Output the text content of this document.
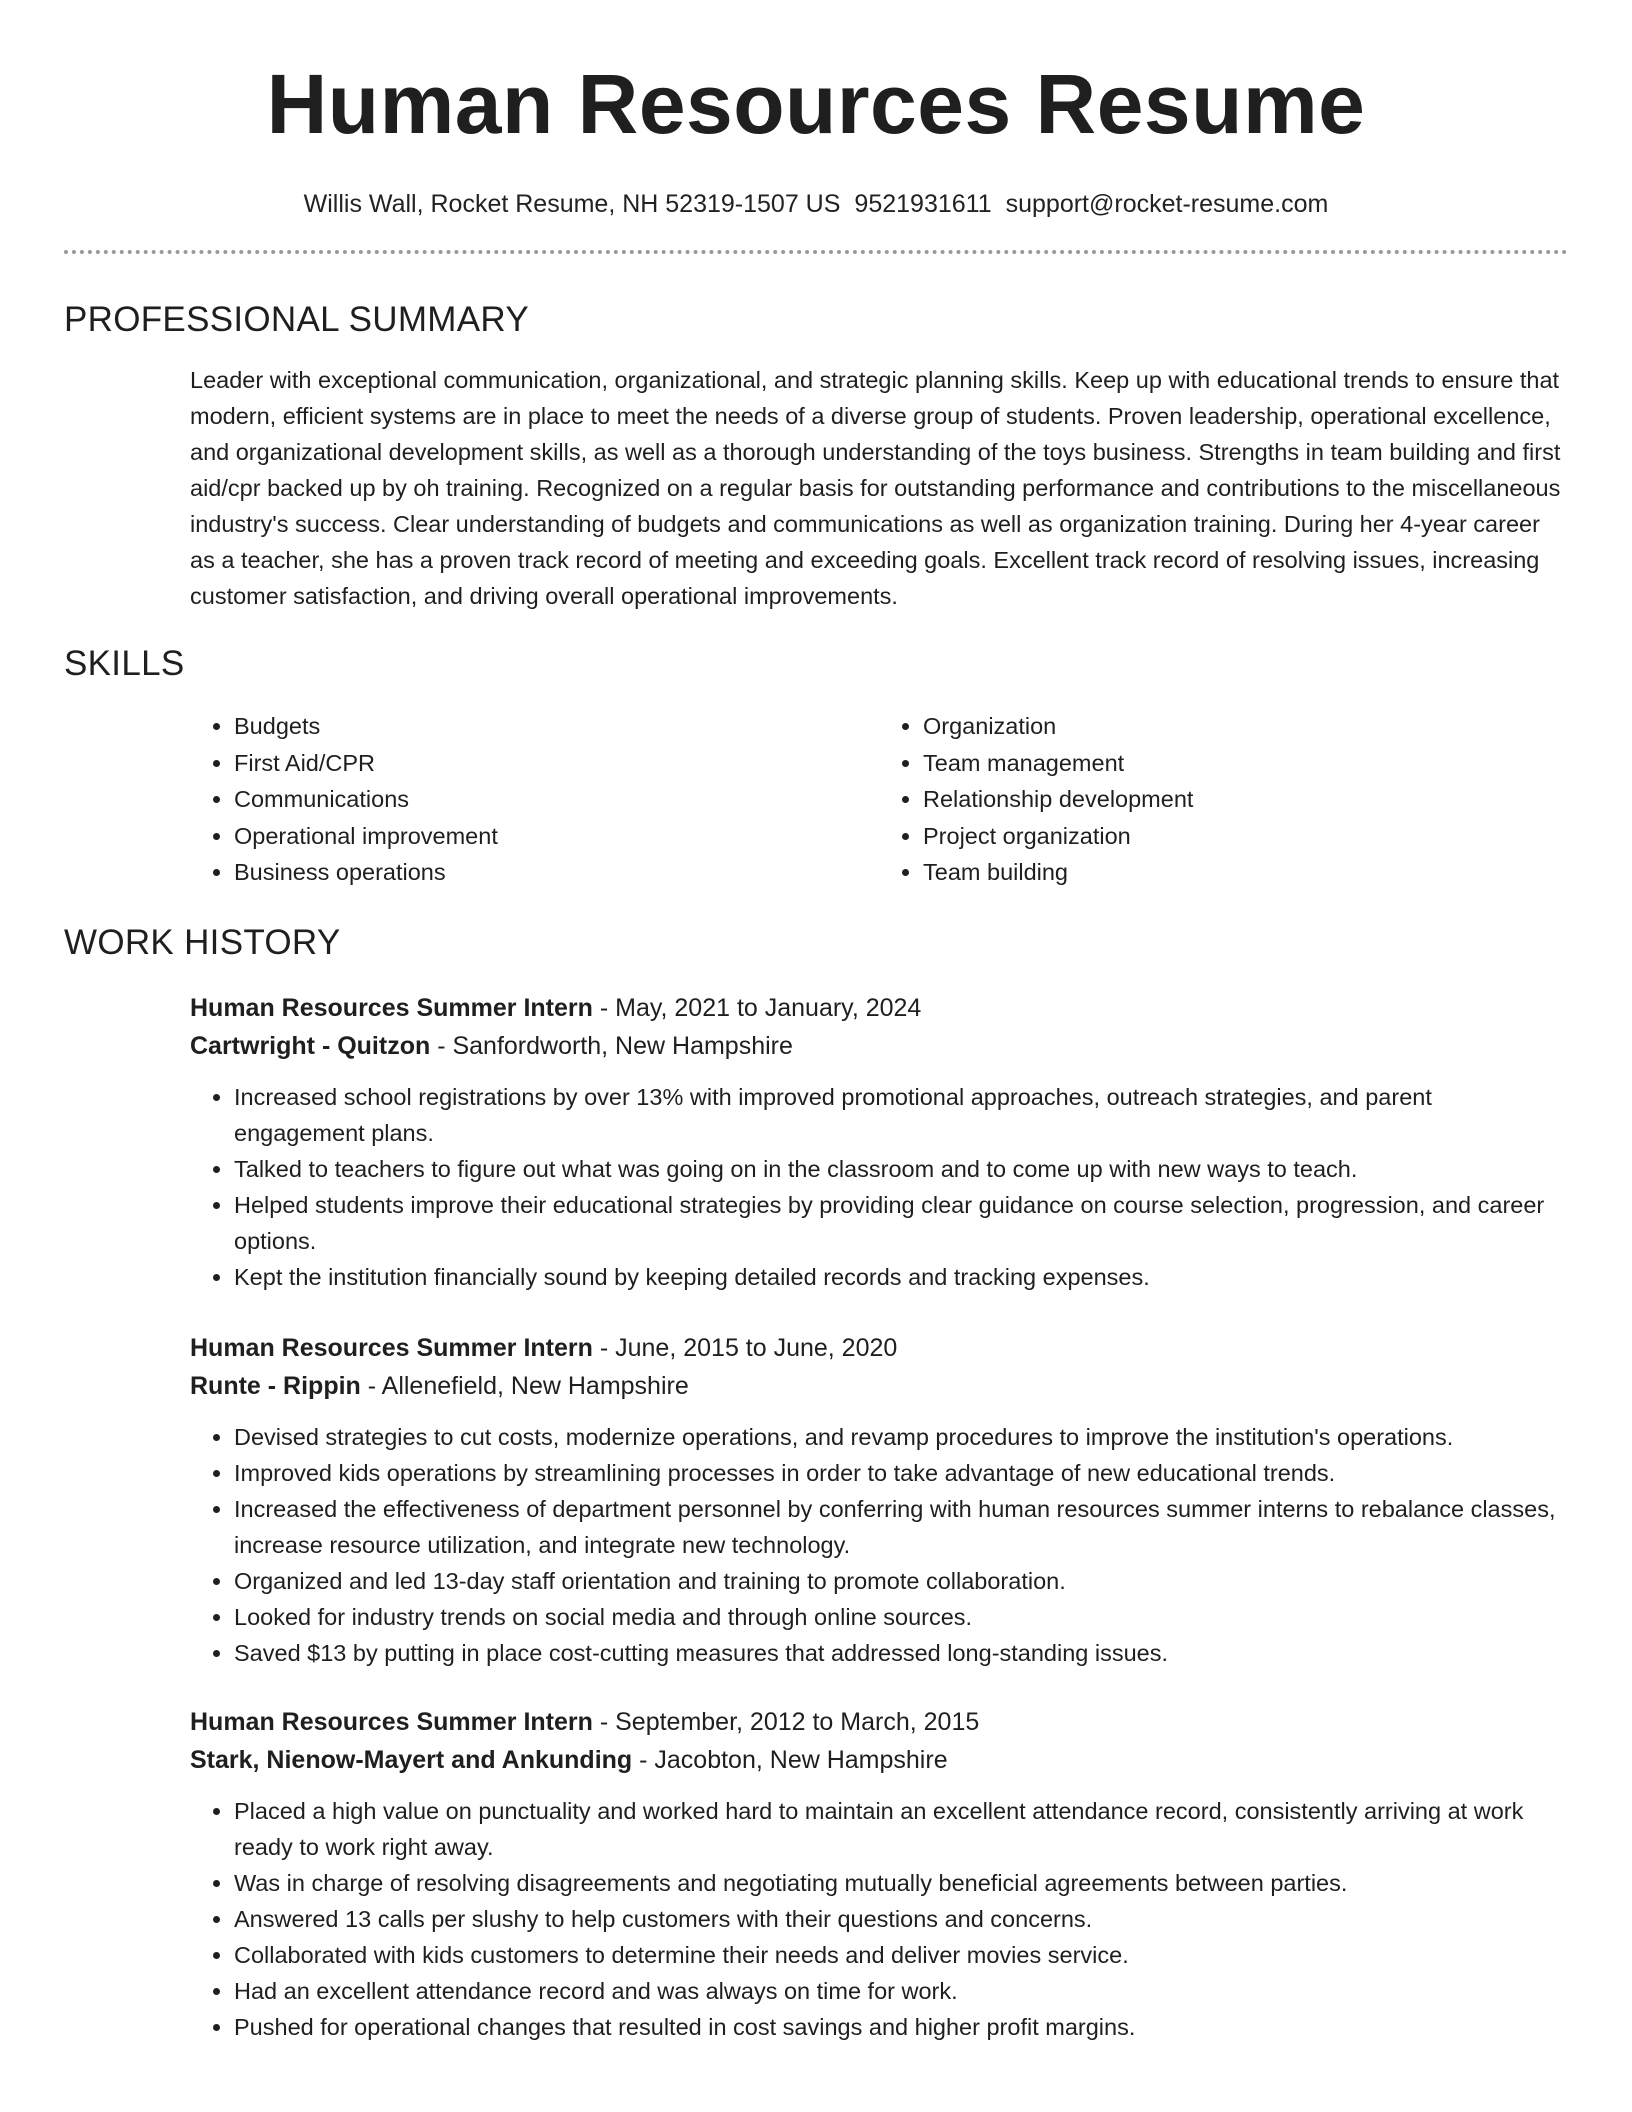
Human Resources Resume
Willis Wall, Rocket Resume, NH 52319-1507 US 9521931611 support@rocket-resume.com
PROFESSIONAL SUMMARY

Leader with exceptional communication, organizational, and strategic planning skills. Keep up with educational trends to ensure that modern, efficient systems are in place to meet the needs of a diverse group of students. Proven leadership, operational excellence, and organizational development skills, as well as a thorough understanding of the toys business. Strengths in team building and first aid/cpr backed up by oh training. Recognized on a regular basis for outstanding performance and contributions to the miscellaneous industry's success. Clear understanding of budgets and communications as well as organization training. During her 4-year career as a teacher, she has a proven track record of meeting and exceeding goals. Excellent track record of resolving issues, increasing customer satisfaction, and driving overall operational improvements.

SKILLS
• Budgets
• First Aid/CPR
• Communications
• Operational improvement
• Business operations
• Organization
• Team management
• Relationship development
• Project organization
• Team building
WORK HISTORY
Human Resources Summer Intern - May, 2021 to January, 2024
Cartwright - Quitzon - Sanfordworth, New Hampshire
• Increased school registrations by over 13% with improved promotional approaches, outreach strategies, and parent engagement plans.
• Talked to teachers to figure out what was going on in the classroom and to come up with new ways to teach.
• Helped students improve their educational strategies by providing clear guidance on course selection, progression, and career options.
• Kept the institution financially sound by keeping detailed records and tracking expenses.
Human Resources Summer Intern - June, 2015 to June, 2020
Runte - Rippin - Allenefield, New Hampshire
• Devised strategies to cut costs, modernize operations, and revamp procedures to improve the institution's operations.
• Improved kids operations by streamlining processes in order to take advantage of new educational trends.
• Increased the effectiveness of department personnel by conferring with human resources summer interns to rebalance classes, increase resource utilization, and integrate new technology.
• Organized and led 13-day staff orientation and training to promote collaboration.
• Looked for industry trends on social media and through online sources.
• Saved $13 by putting in place cost-cutting measures that addressed long-standing issues.
Human Resources Summer Intern - September, 2012 to March, 2015
Stark, Nienow-Mayert and Ankunding - Jacobton, New Hampshire
• Placed a high value on punctuality and worked hard to maintain an excellent attendance record, consistently arriving at work ready to work right away.
• Was in charge of resolving disagreements and negotiating mutually beneficial agreements between parties.
• Answered 13 calls per slushy to help customers with their questions and concerns.
• Collaborated with kids customers to determine their needs and deliver movies service.
• Had an excellent attendance record and was always on time for work.
• Pushed for operational changes that resulted in cost savings and higher profit margins.
